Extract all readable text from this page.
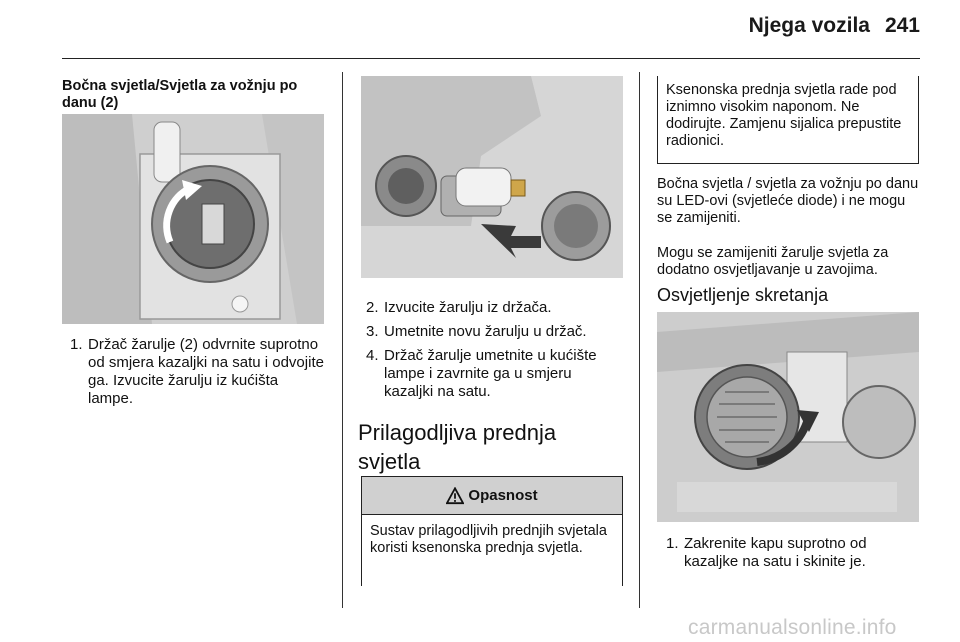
Njega vozila 241
Bočna svjetla/Svjetla za vožnju po danu (2)
1. Držač žarulje (2) odvrnite suprotno od smjera kazaljki na satu i odvojite ga. Izvucite žarulju iz kućišta lampe.
2. Izvucite žarulju iz držača.
3. Umetnite novu žarulju u držač.
4. Držač žarulje umetnite u kućište lampe i zavrnite ga u smjeru kazaljki na satu.
Prilagodljiva prednja svjetla
Opasnost
Sustav prilagodljivih prednjih svjetala koristi ksenonska prednja svjetla.
Ksenonska prednja svjetla rade pod iznimno visokim naponom. Ne dodirujte. Zamjenu sijalica prepustite radionici.
Bočna svjetla / svjetla za vožnju po danu su LED-ovi (svjetleće diode) i ne mogu se zamijeniti.
Mogu se zamijeniti žarulje svjetla za dodatno osvjetljavanje u zavojima.
Osvjetljenje skretanja
1. Zakrenite kapu suprotno od kazaljke na satu i skinite je.
carmanualsonline.info
